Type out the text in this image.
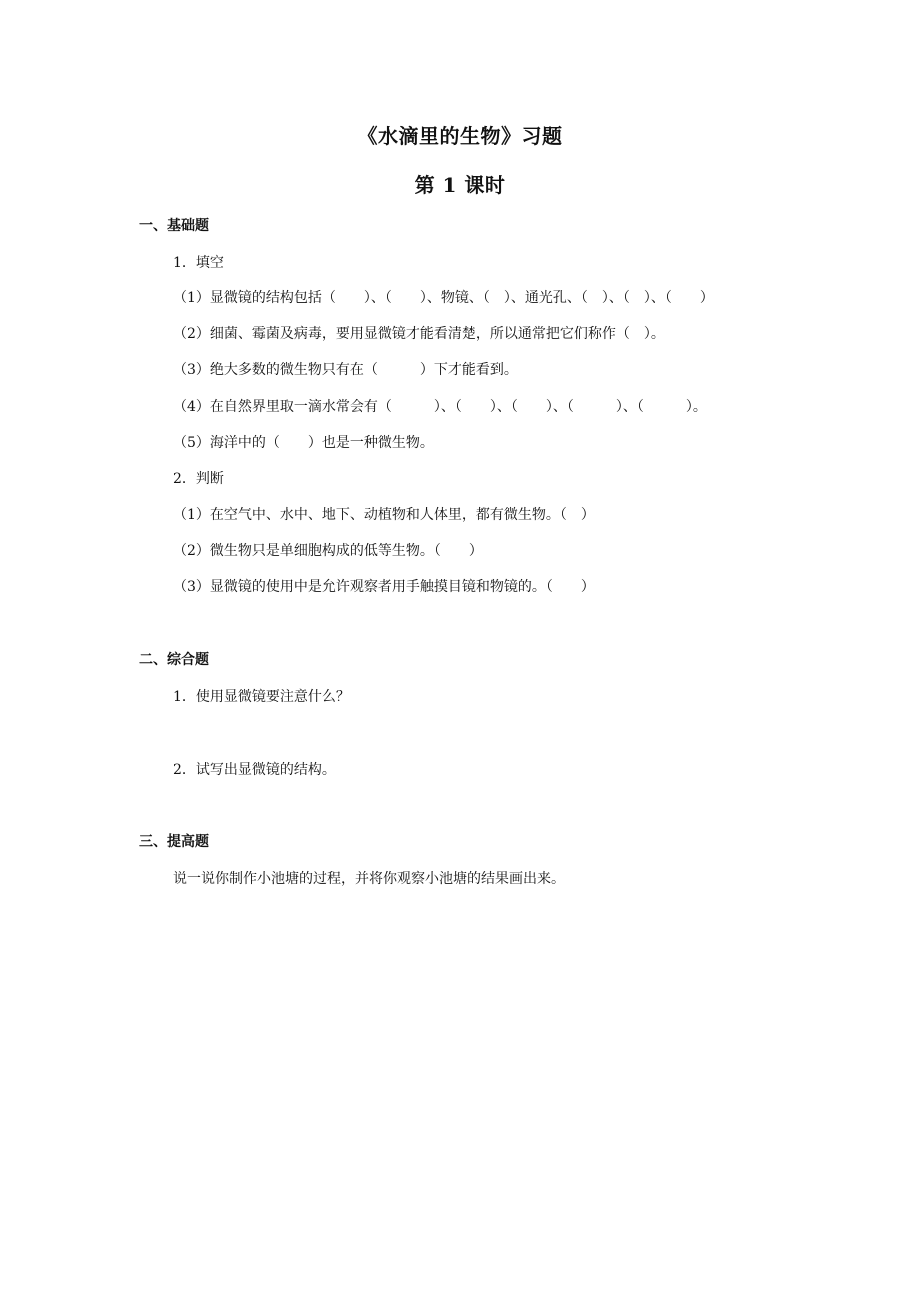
《水滴里的生物》习题
第 1 课时
一、基础题
1．填空
（1）显微镜的结构包括（　　）、（　　）、物镜、（　）、通光孔、（　）、（　）、（　　）
（2）细菌、霉菌及病毒，要用显微镜才能看清楚，所以通常把它们称作（　）。
（3）绝大多数的微生物只有在（　　　）下才能看到。
（4）在自然界里取一滴水常会有（　　　）、（　　）、（　　）、（　　　）、（　　　）。
（5）海洋中的（　　）也是一种微生物。
2．判断
（1）在空气中、水中、地下、动植物和人体里，都有微生物。（　）
（2）微生物只是单细胞构成的低等生物。（　　）
（3）显微镜的使用中是允许观察者用手触摸目镜和物镜的。（　　）
二、综合题
1．使用显微镜要注意什么？
2．试写出显微镜的结构。
三、提高题
说一说你制作小池塘的过程，并将你观察小池塘的结果画出来。
